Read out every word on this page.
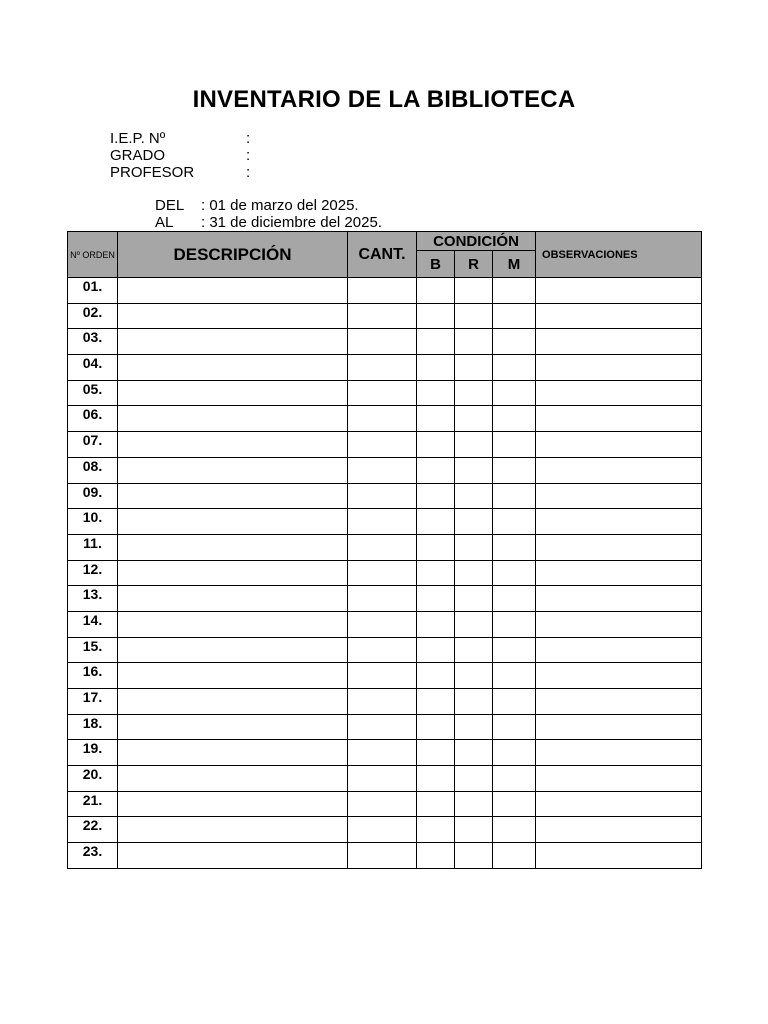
INVENTARIO DE LA BIBLIOTECA
I.E.P. Nº	:
GRADO	:
PROFESOR	:
DEL : 01 de marzo del 2025.
AL : 31 de diciembre del 2025.
Nº ORDEN	DESCRIPCIÓN	CANT.	CONDICIÓN			OBSERVACIONES
			B	R	M	
01.						
02.						
03.						
04.						
05.						
06.						
07.						
08.						
09.						
10.						
11.						
12.						
13.						
14.						
15.						
16.						
17.						
18.						
19.						
20.						
21.						
22.						
23.						
